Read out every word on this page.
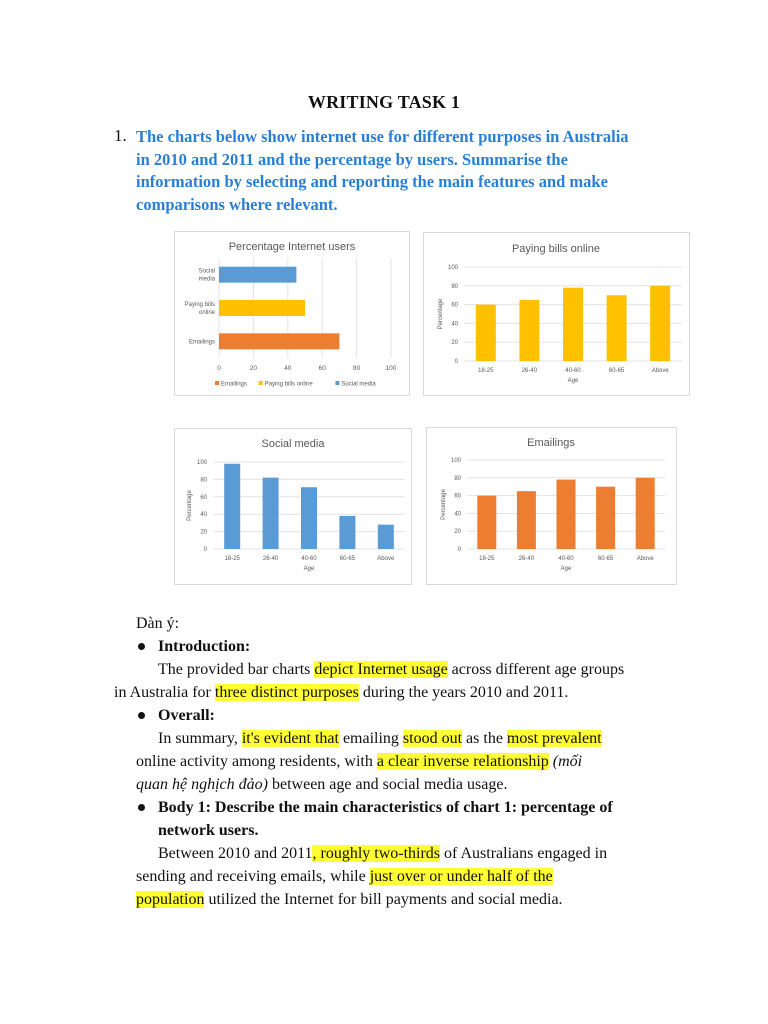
WRITING TASK 1
1. The charts below show internet use for different purposes in Australia
in 2010 and 2011 and the percentage by users. Summarise the
information by selecting and reporting the main features and make
comparisons where relevant.
Percentage Internet users
0	20	40	60	80	100
Social
media
Paying bills
online
Emailings
Emailings	Paying bills online	Social media
Paying bills online
0
20
40
60
80
100
18-25	26-40	40-60	60-65	Above
Age
Percentage
Social media
0
20
40
60
80
100
18-25	26-40	40-60	60-65	Above
Age
Percentage
Emailings
0
20
40
60
80
100
18-25	26-40	40-60	60-65	Above
Age
Percentage

Dàn ý:

Introduction:

The provided bar charts depict Internet usage across different age groups

in Australia for three distinct purposes during the years 2010 and 2011.

Overall:

In summary, it's evident that emailing stood out as the most prevalent

online activity among residents, with a clear inverse relationship (mối

quan hệ nghịch đảo) between age and social media usage.

Body 1: Describe the main characteristics of chart 1: percentage of

network users.

Between 2010 and 2011, roughly two-thirds of Australians engaged in

sending and receiving emails, while just over or under half of the

population utilized the Internet for bill payments and social media.
